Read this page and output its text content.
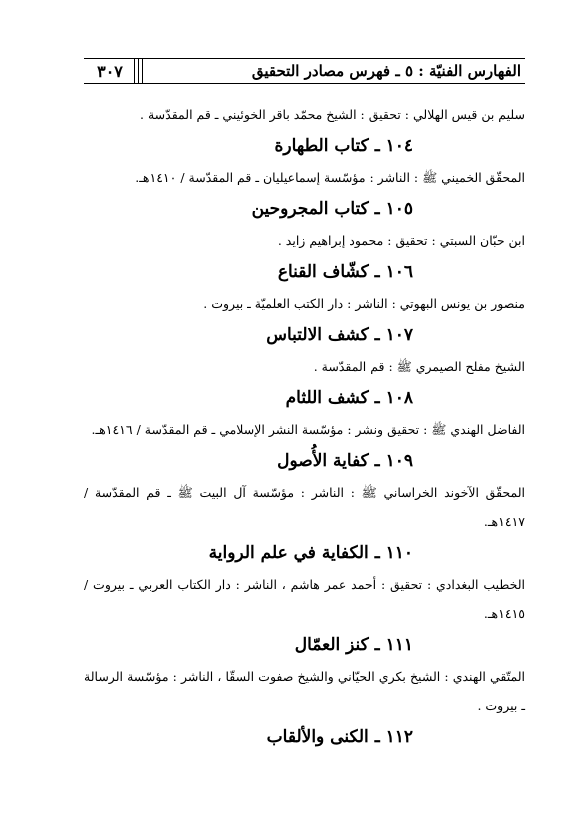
الفهارس الفنيّة : ٥ ـ فهرس مصادر التحقيق
٣٠٧
سليم بن قيس الهلالي : تحقيق : الشيخ محمّد باقر الخوئيني ـ قم المقدّسة .
١٠٤ ـ كتاب الطهارة
المحقّق الخميني ﷺ : الناشر : مؤسّسة إسماعيليان ـ قم المقدّسة / ١٤١٠هـ.
١٠٥ ـ كتاب المجروحين
ابن حبّان السبتي : تحقيق : محمود إبراهيم زايد .
١٠٦ ـ كشّاف القناع
منصور بن يونس البهوتي : الناشر : دار الكتب العلميّة ـ بيروت .
١٠٧ ـ كشف الالتباس
الشيخ مفلح الصيمري ﷺ : قم المقدّسة .
١٠٨ ـ كشف اللثام
الفاضل الهندي ﷺ : تحقيق ونشر : مؤسّسة النشر الإسلامي ـ قم المقدّسة / ١٤١٦هـ.
١٠٩ ـ كفاية الأُصول
المحقّق الآخوند الخراساني ﷺ : الناشر : مؤسّسة آل البيت ﷺ ـ قم المقدّسة / ١٤١٧هـ.
١١٠ ـ الكفاية في علم الرواية
الخطيب البغدادي : تحقيق : أحمد عمر هاشم ، الناشر : دار الكتاب العربي ـ بيروت / ١٤١٥هـ.
١١١ ـ كنز العمّال
المتّقي الهندي : الشيخ بكري الحيّاني والشيخ صفوت السقّا ، الناشر : مؤسّسة الرسالة ـ بيروت .
١١٢ ـ الكنى والألقاب
